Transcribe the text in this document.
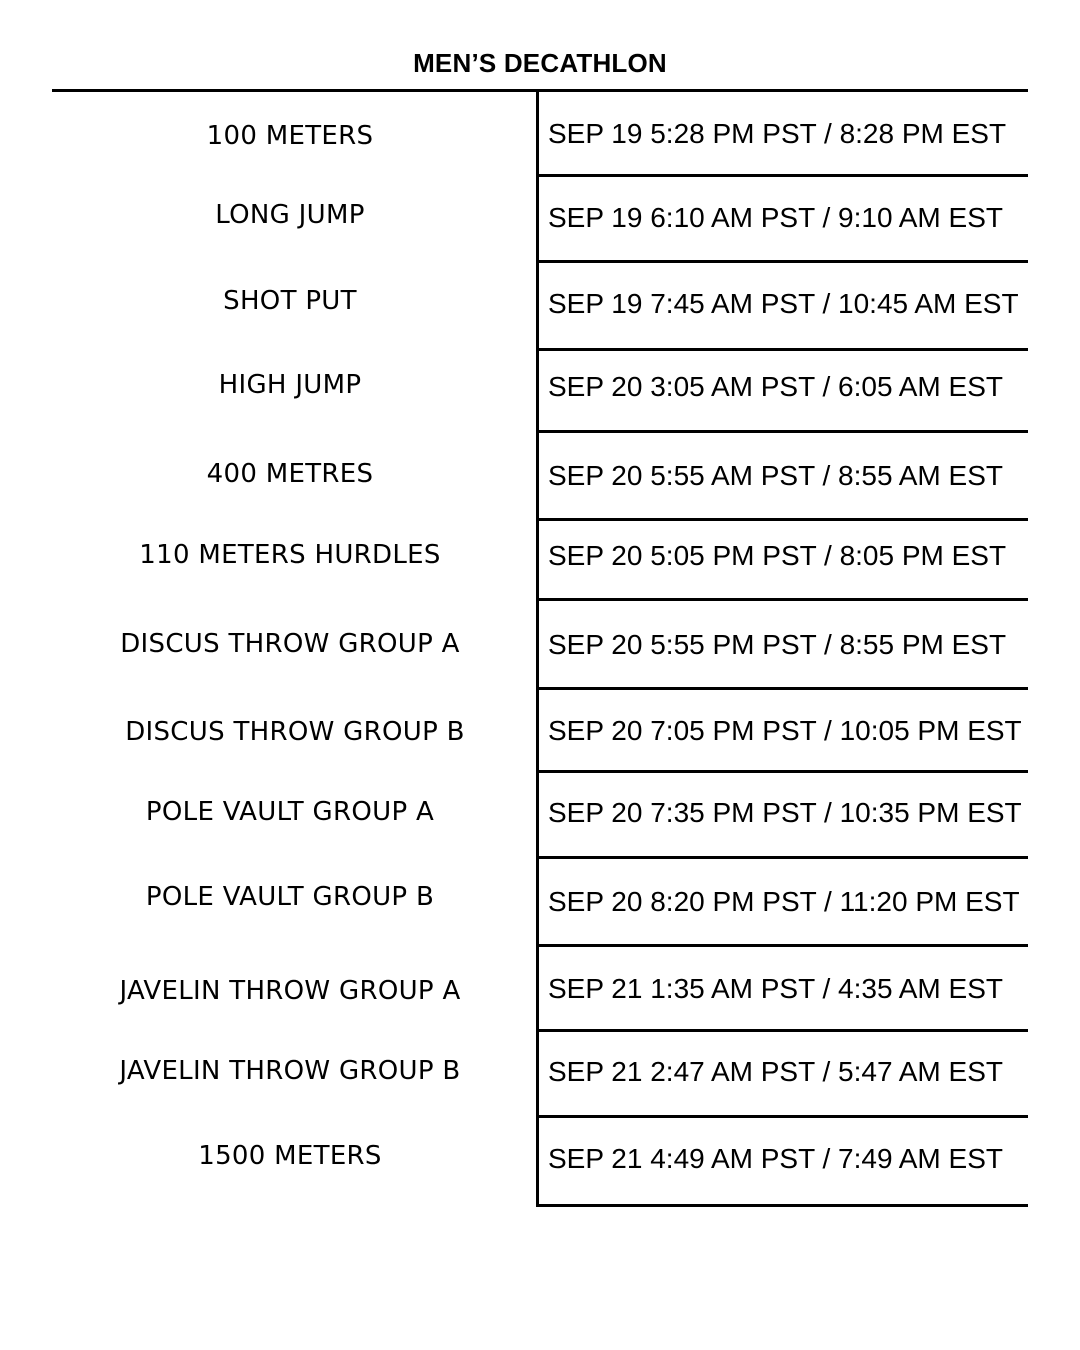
MEN’S DECATHLON
100 METERS	SEP 19 5:28 PM PST / 8:28 PM EST
LONG JUMP	SEP 19 6:10 AM PST / 9:10 AM EST
SHOT PUT	SEP 19 7:45 AM PST / 10:45 AM EST
HIGH JUMP	SEP 20 3:05 AM PST / 6:05 AM EST
400 METRES	SEP 20 5:55 AM PST / 8:55 AM EST
110 METERS HURDLES	SEP 20 5:05 PM PST / 8:05 PM EST
DISCUS THROW GROUP A	SEP 20 5:55 PM PST / 8:55 PM EST
DISCUS THROW GROUP B	SEP 20 7:05 PM PST / 10:05 PM EST
POLE VAULT GROUP A	SEP 20 7:35 PM PST / 10:35 PM EST
POLE VAULT GROUP B	SEP 20 8:20 PM PST / 11:20 PM EST
JAVELIN THROW GROUP A	SEP 21 1:35 AM PST / 4:35 AM EST
JAVELIN THROW GROUP B	SEP 21 2:47 AM PST / 5:47 AM EST
1500 METERS	SEP 21 4:49 AM PST / 7:49 AM EST
